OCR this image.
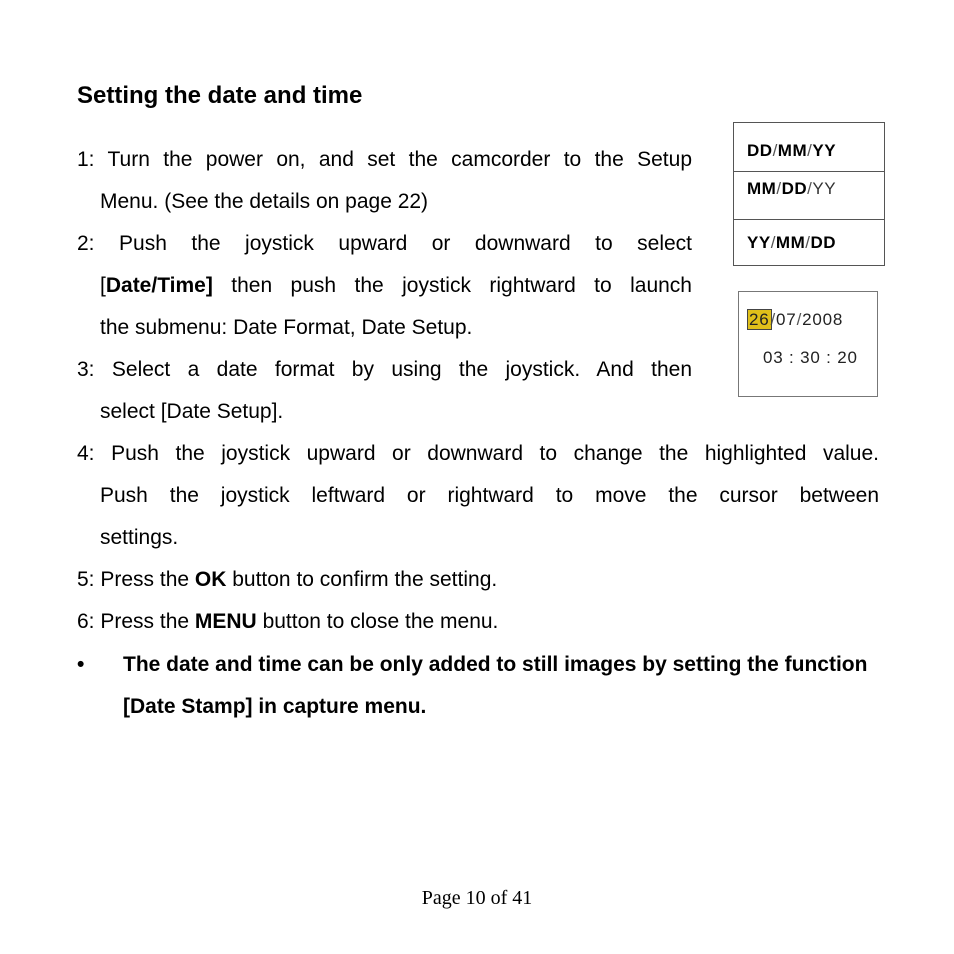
Setting the date and time
1: Turn the power on, and set the camcorder to the Setup
Menu. (See the details on page 22)
2: Push the joystick upward or downward to select
[Date/Time] then push the joystick rightward to launch
the submenu: Date Format, Date Setup.
3: Select a date format by using the joystick. And then
select [Date Setup].
4: Push the joystick upward or downward to change the highlighted value.
Push the joystick leftward or rightward to move the cursor between
settings.
5: Press the OK button to confirm the setting.
6: Press the MENU button to close the menu.
• The date and time can be only added to still images by setting the function [Date Stamp] in capture menu.
DD/MM/YY
MM/DD/YY
YY/MM/DD
26/07/2008
03 : 30 : 20
Page 10 of 41
